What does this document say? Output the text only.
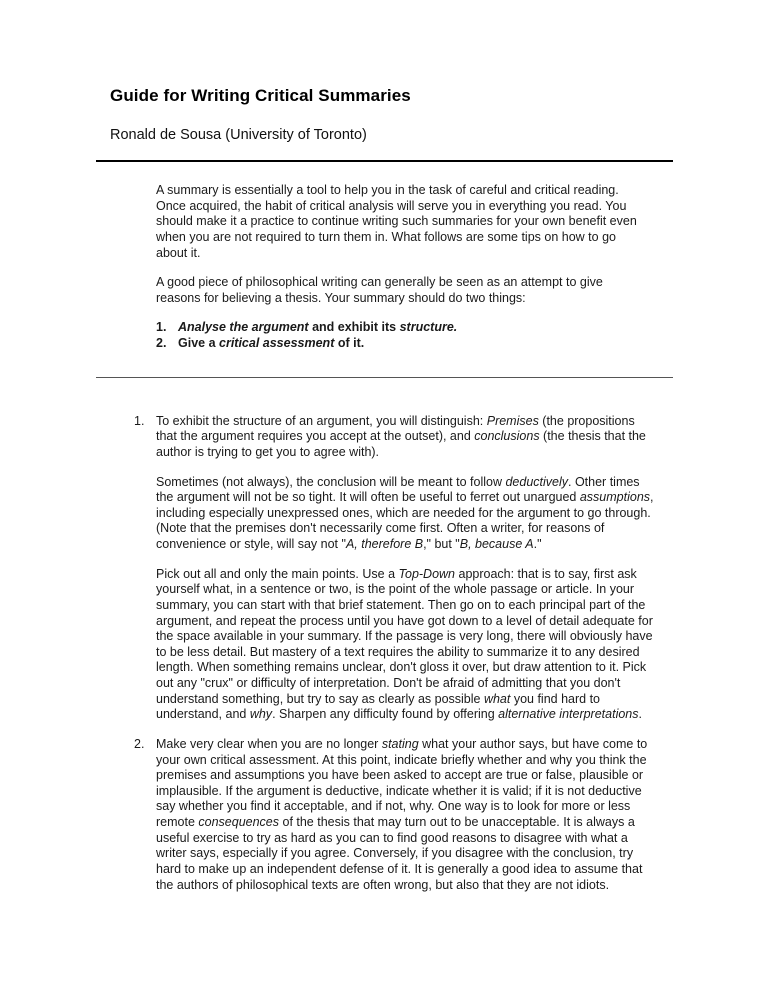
Guide for Writing Critical Summaries

Ronald de Sousa (University of Toronto)

A summary is essentially a tool to help you in the task of careful and critical reading. Once acquired, the habit of critical analysis will serve you in everything you read. You should make it a practice to continue writing such summaries for your own benefit even when you are not required to turn them in. What follows are some tips on how to go about it.

A good piece of philosophical writing can generally be seen as an attempt to give reasons for believing a thesis. Your summary should do two things:

1. Analyse the argument and exhibit its structure.
2. Give a critical assessment of it.
1. To exhibit the structure of an argument, you will distinguish: Premises (the propositions that the argument requires you accept at the outset), and conclusions (the thesis that the author is trying to get you to agree with).

Sometimes (not always), the conclusion will be meant to follow deductively. Other times the argument will not be so tight. It will often be useful to ferret out unargued assumptions, including especially unexpressed ones, which are needed for the argument to go through. (Note that the premises don't necessarily come first. Often a writer, for reasons of convenience or style, will say not "A, therefore B," but "B, because A."

Pick out all and only the main points. Use a Top-Down approach: that is to say, first ask yourself what, in a sentence or two, is the point of the whole passage or article. In your summary, you can start with that brief statement. Then go on to each principal part of the argument, and repeat the process until you have got down to a level of detail adequate for the space available in your summary. If the passage is very long, there will obviously have to be less detail. But mastery of a text requires the ability to summarize it to any desired length. When something remains unclear, don't gloss it over, but draw attention to it. Pick out any "crux" or difficulty of interpretation. Don't be afraid of admitting that you don't understand something, but try to say as clearly as possible what you find hard to understand, and why. Sharpen any difficulty found by offering alternative interpretations.

2. Make very clear when you are no longer stating what your author says, but have come to your own critical assessment. At this point, indicate briefly whether and why you think the premises and assumptions you have been asked to accept are true or false, plausible or implausible. If the argument is deductive, indicate whether it is valid; if it is not deductive say whether you find it acceptable, and if not, why. One way is to look for more or less remote consequences of the thesis that may turn out to be unacceptable. It is always a useful exercise to try as hard as you can to find good reasons to disagree with what a writer says, especially if you agree. Conversely, if you disagree with the conclusion, try hard to make up an independent defense of it. It is generally a good idea to assume that the authors of philosophical texts are often wrong, but also that they are not idiots.
